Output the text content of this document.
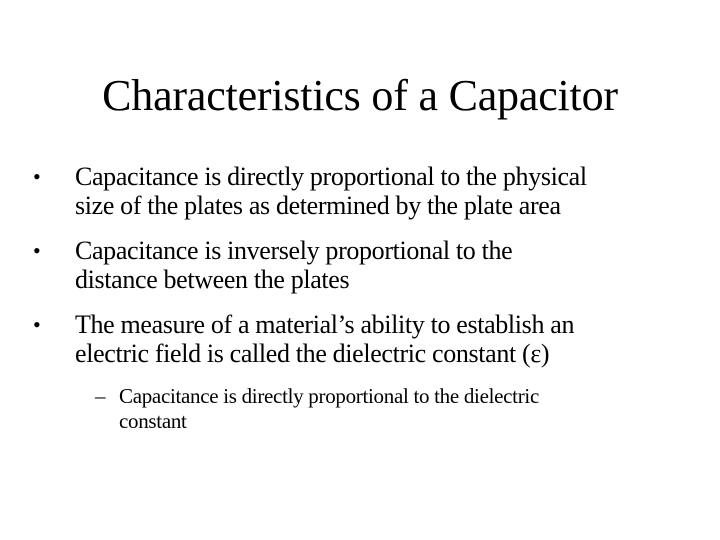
Characteristics of a Capacitor
• Capacitance is directly proportional to the physical
size of the plates as determined by the plate area
• Capacitance is inversely proportional to the
distance between the plates
• The measure of a material’s ability to establish an
electric field is called the dielectric constant (ε)
– Capacitance is directly proportional to the dielectric
constant
